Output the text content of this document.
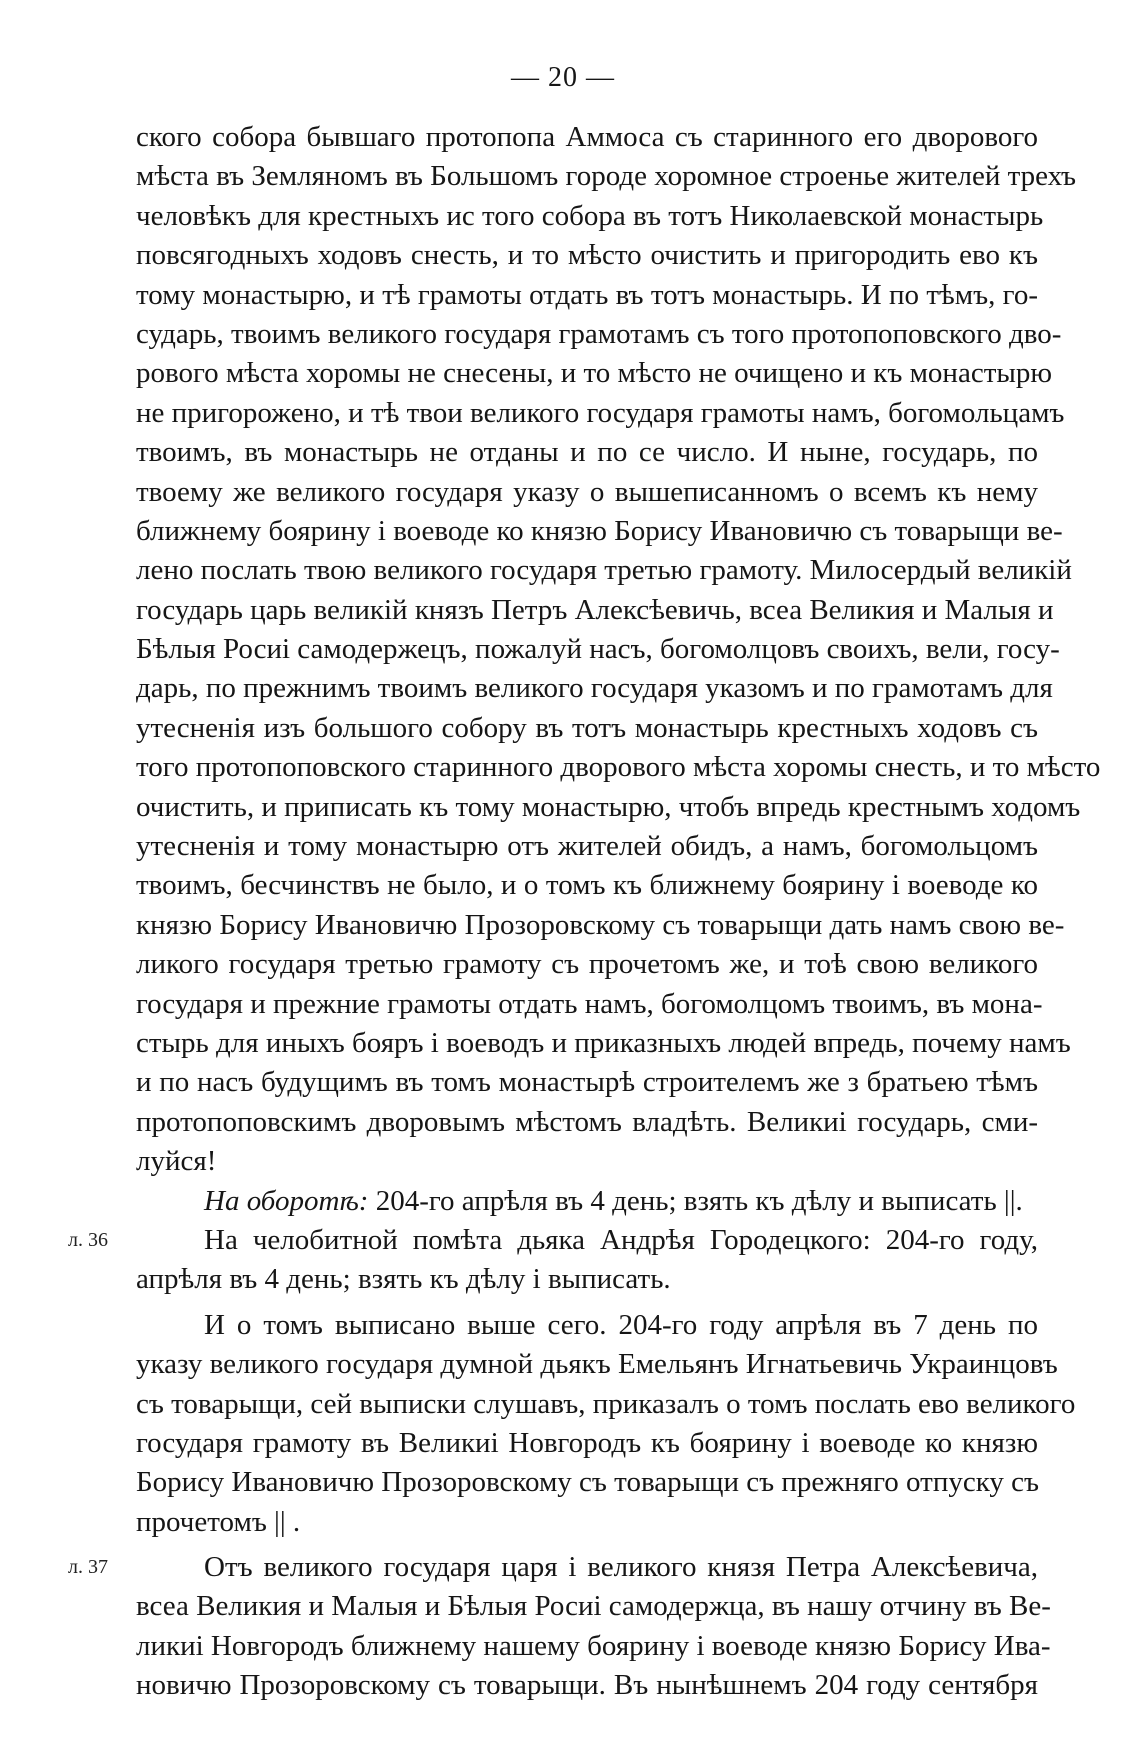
— 20 —
ского собора бывшаго протопопа Аммоса съ старинного его дворового
мѣста въ Земляномъ въ Большомъ городе хоромное строенье жителей трехъ
человѣкъ для крестныхъ ис того собора въ тотъ Николаевской монастырь
повсягодныхъ ходовъ снесть, и то мѣсто очистить и пригородить ево къ
тому монастырю, и тѣ грамоты отдать въ тотъ монастырь. И по тѣмъ, го-
сударь, твоимъ великого государя грамотамъ съ того протопоповского дво-
рового мѣста хоромы не снесены, и то мѣсто не очищено и къ монастырю
не пригорожено, и тѣ твои великого государя грамоты намъ, богомольцамъ
твоимъ, въ монастырь не отданы и по се число. И ныне, государь, по
твоему же великого государя указу о вышеписанномъ о всемъ къ нему
ближнему боярину і воеводе ко князю Борису Ивановичю съ товарыщи ве-
лено послать твою великого государя третью грамоту. Милосердый великій
государь царь великій князъ Петръ Алексѣевичь, всеа Великия и Малыя и
Бѣлыя Росиі самодержецъ, пожалуй насъ, богомолцовъ своихъ, вели, госу-
дарь, по прежнимъ твоимъ великого государя указомъ и по грамотамъ для
утесненія изъ большого собору въ тотъ монастырь крестныхъ ходовъ съ
того протопоповского старинного дворового мѣста хоромы снесть, и то мѣсто
очистить, и приписать къ тому монастырю, чтобъ впредь крестнымъ ходомъ
утесненія и тому монастырю отъ жителей обидъ, а намъ, богомольцомъ
твоимъ, бесчинствъ не было, и о томъ къ ближнему боярину і воеводе ко
князю Борису Ивановичю Прозоровскому съ товарыщи дать намъ свою ве-
ликого государя третью грамоту съ прочетомъ же, и тоѣ свою великого
государя и прежние грамоты отдать намъ, богомолцомъ твоимъ, въ мона-
стырь для иныхъ бояръ і воеводъ и приказныхъ людей впредь, почему намъ
и по насъ будущимъ въ томъ монастырѣ строителемъ же з братьею тѣмъ
протопоповскимъ дворовымъ мѣстомъ владѣть. Великиі государь, сми-
луйся!
На оборотѣ: 204-го апрѣля въ 4 день; взять къ дѣлу и выписать ||.
На челобитной помѣта дьяка Андрѣя Городецкого: 204-го году,
апрѣля въ 4 день; взять къ дѣлу і выписать.
И о томъ выписано выше сего. 204-го году апрѣля въ 7 день по
указу великого государя думной дьякъ Емельянъ Игнатьевичь Украинцовъ
съ товарыщи, сей выписки слушавъ, приказалъ о томъ послать ево великого
государя грамоту въ Великиі Новгородъ къ боярину і воеводе ко князю
Борису Ивановичю Прозоровскому съ товарыщи съ прежняго отпуску съ
прочетомъ || .
Отъ великого государя царя і великого князя Петра Алексѣевича,
всеа Великия и Малыя и Бѣлыя Росиі самодержца, въ нашу отчину въ Ве-
ликиі Новгородъ ближнему нашему боярину і воеводе князю Борису Ива-
новичю Прозоровскому съ товарыщи. Въ нынѣшнемъ 204 году сентября
л. 36
л. 37
